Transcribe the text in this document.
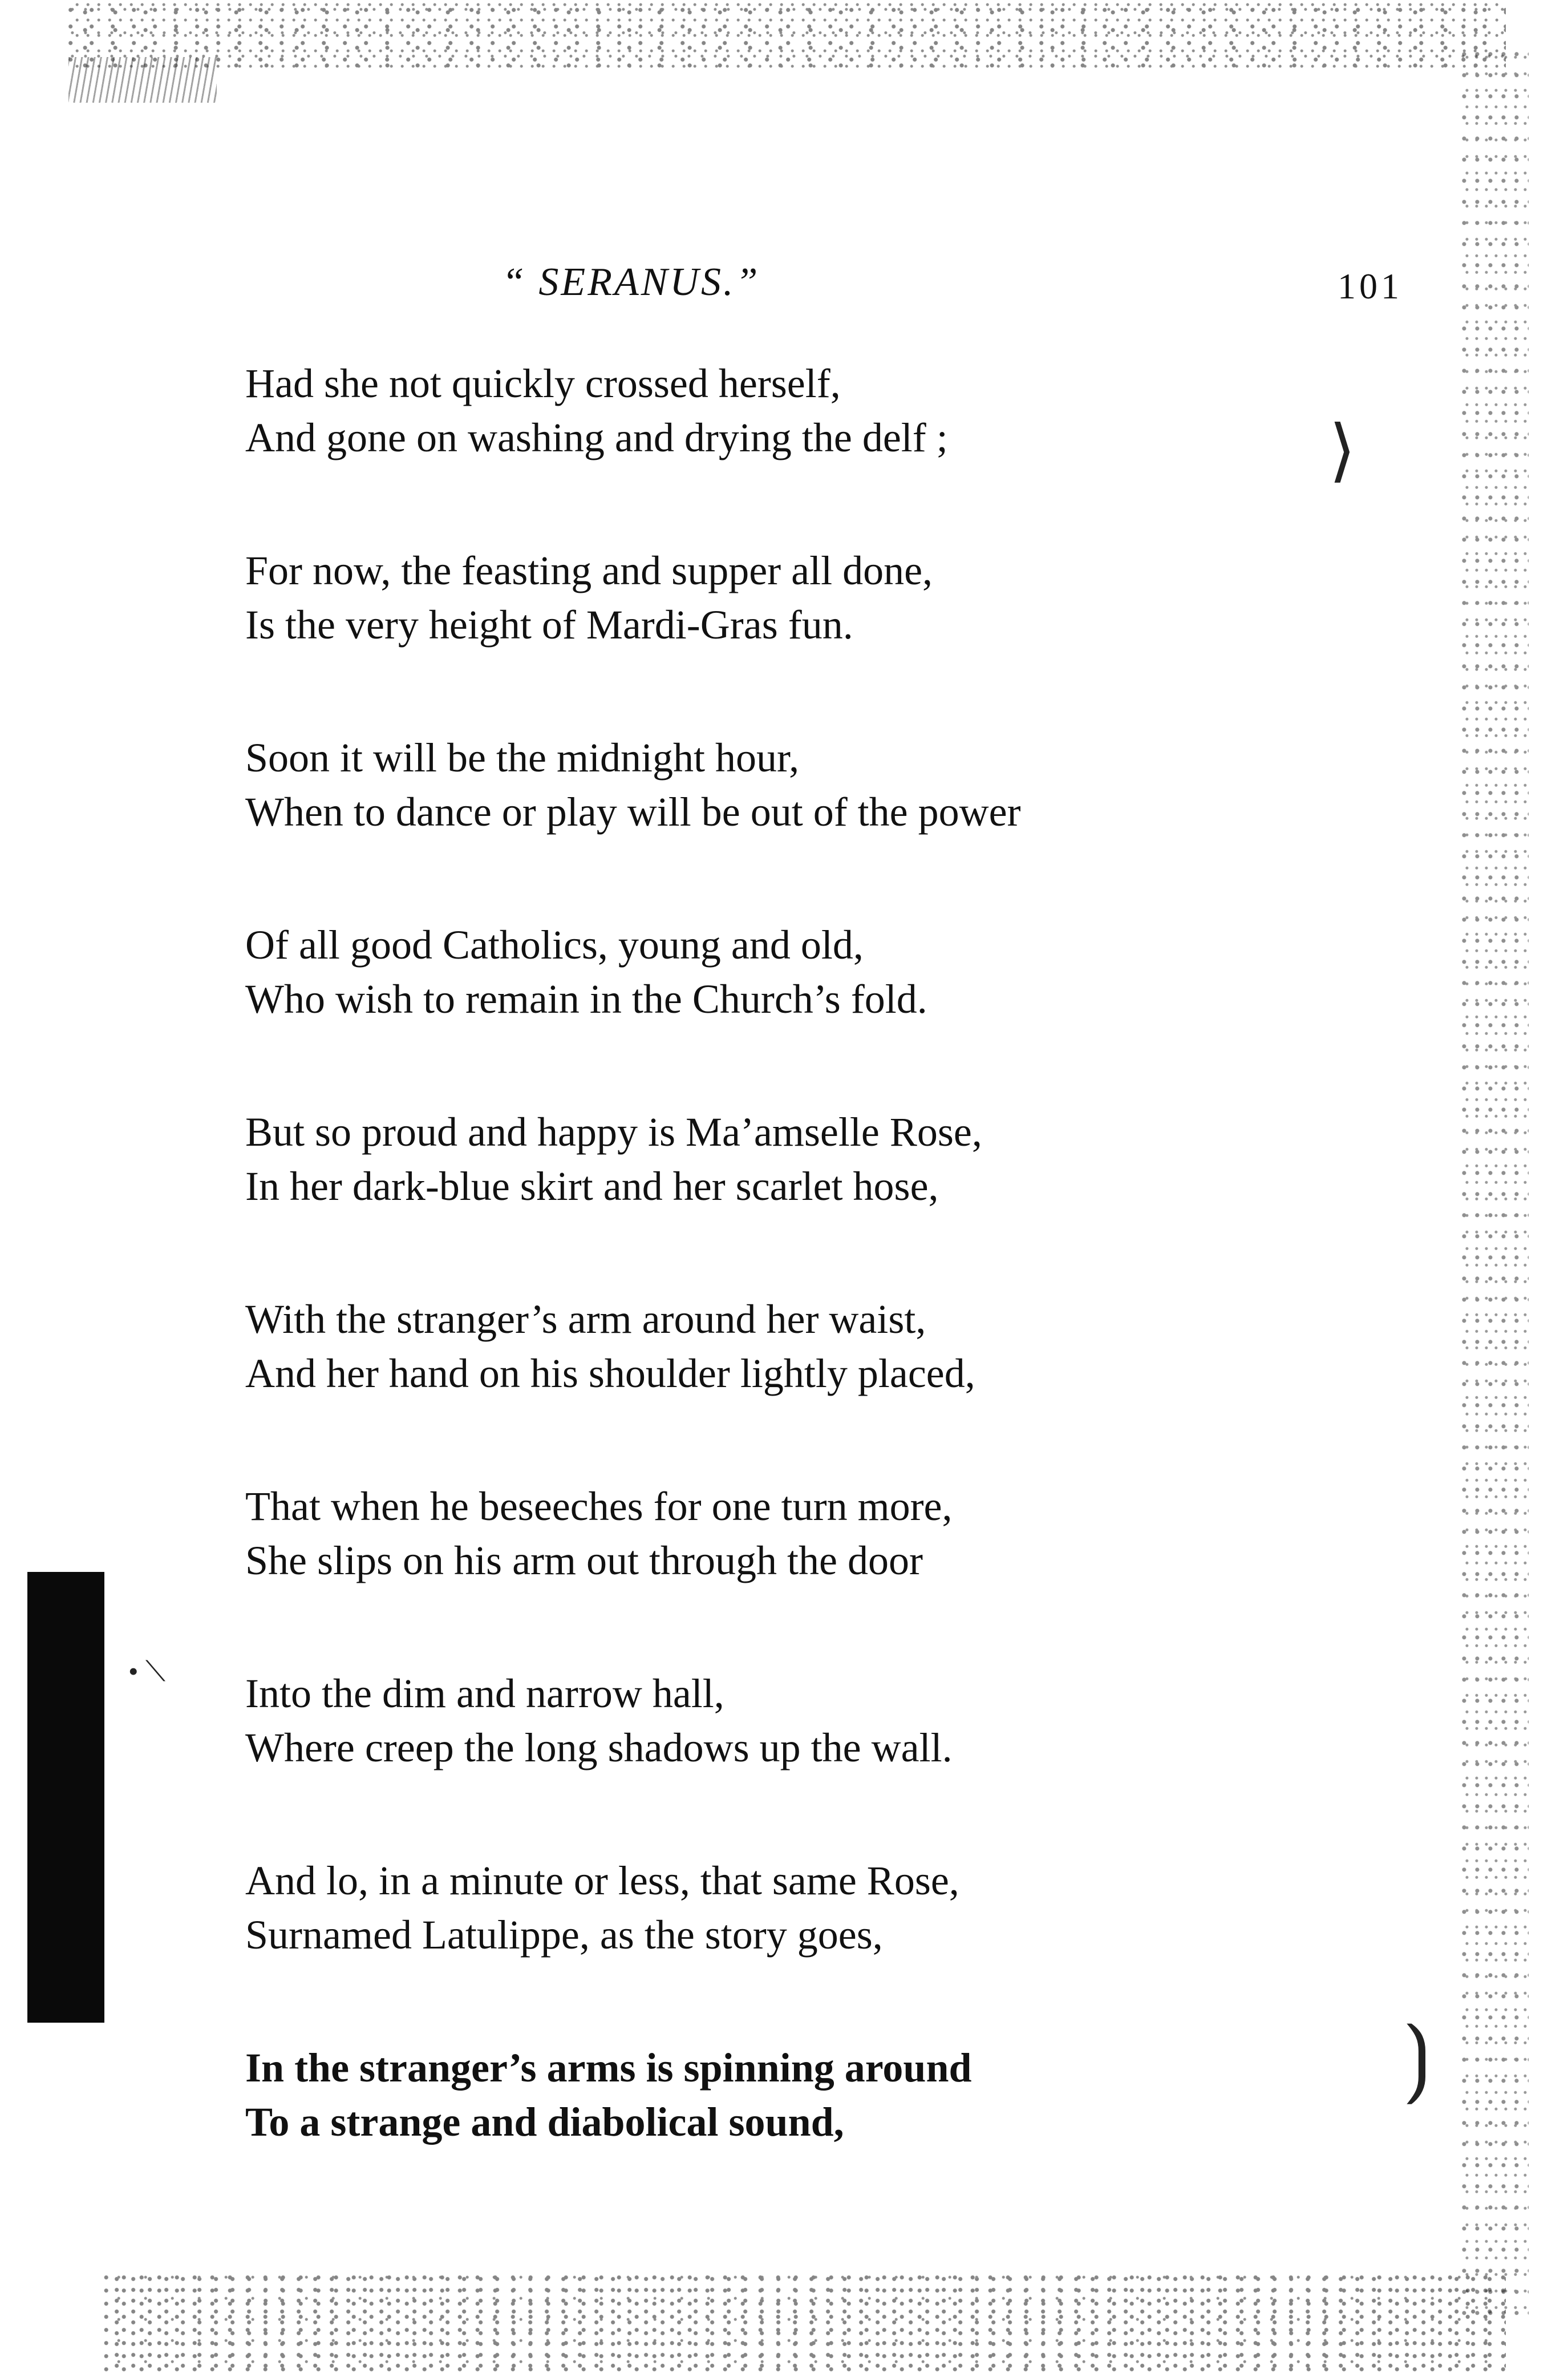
⟩
⟯
• ⟍
“ SERANUS.”	101
Had she not quickly crossed herself,
And gone on washing and drying the delf ;
For now, the feasting and supper all done,
Is the very height of Mardi-Gras fun.
Soon it will be the midnight hour,
When to dance or play will be out of the power
Of all good Catholics, young and old,
Who wish to remain in the Church’s fold.
But so proud and happy is Ma’amselle Rose,
In her dark-blue skirt and her scarlet hose,
With the stranger’s arm around her waist,
And her hand on his shoulder lightly placed,
That when he beseeches for one turn more,
She slips on his arm out through the door
Into the dim and narrow hall,
Where creep the long shadows up the wall.
And lo, in a minute or less, that same Rose,
Surnamed Latulippe, as the story goes,
In the stranger’s arms is spinning around
To a strange and diabolical sound,
